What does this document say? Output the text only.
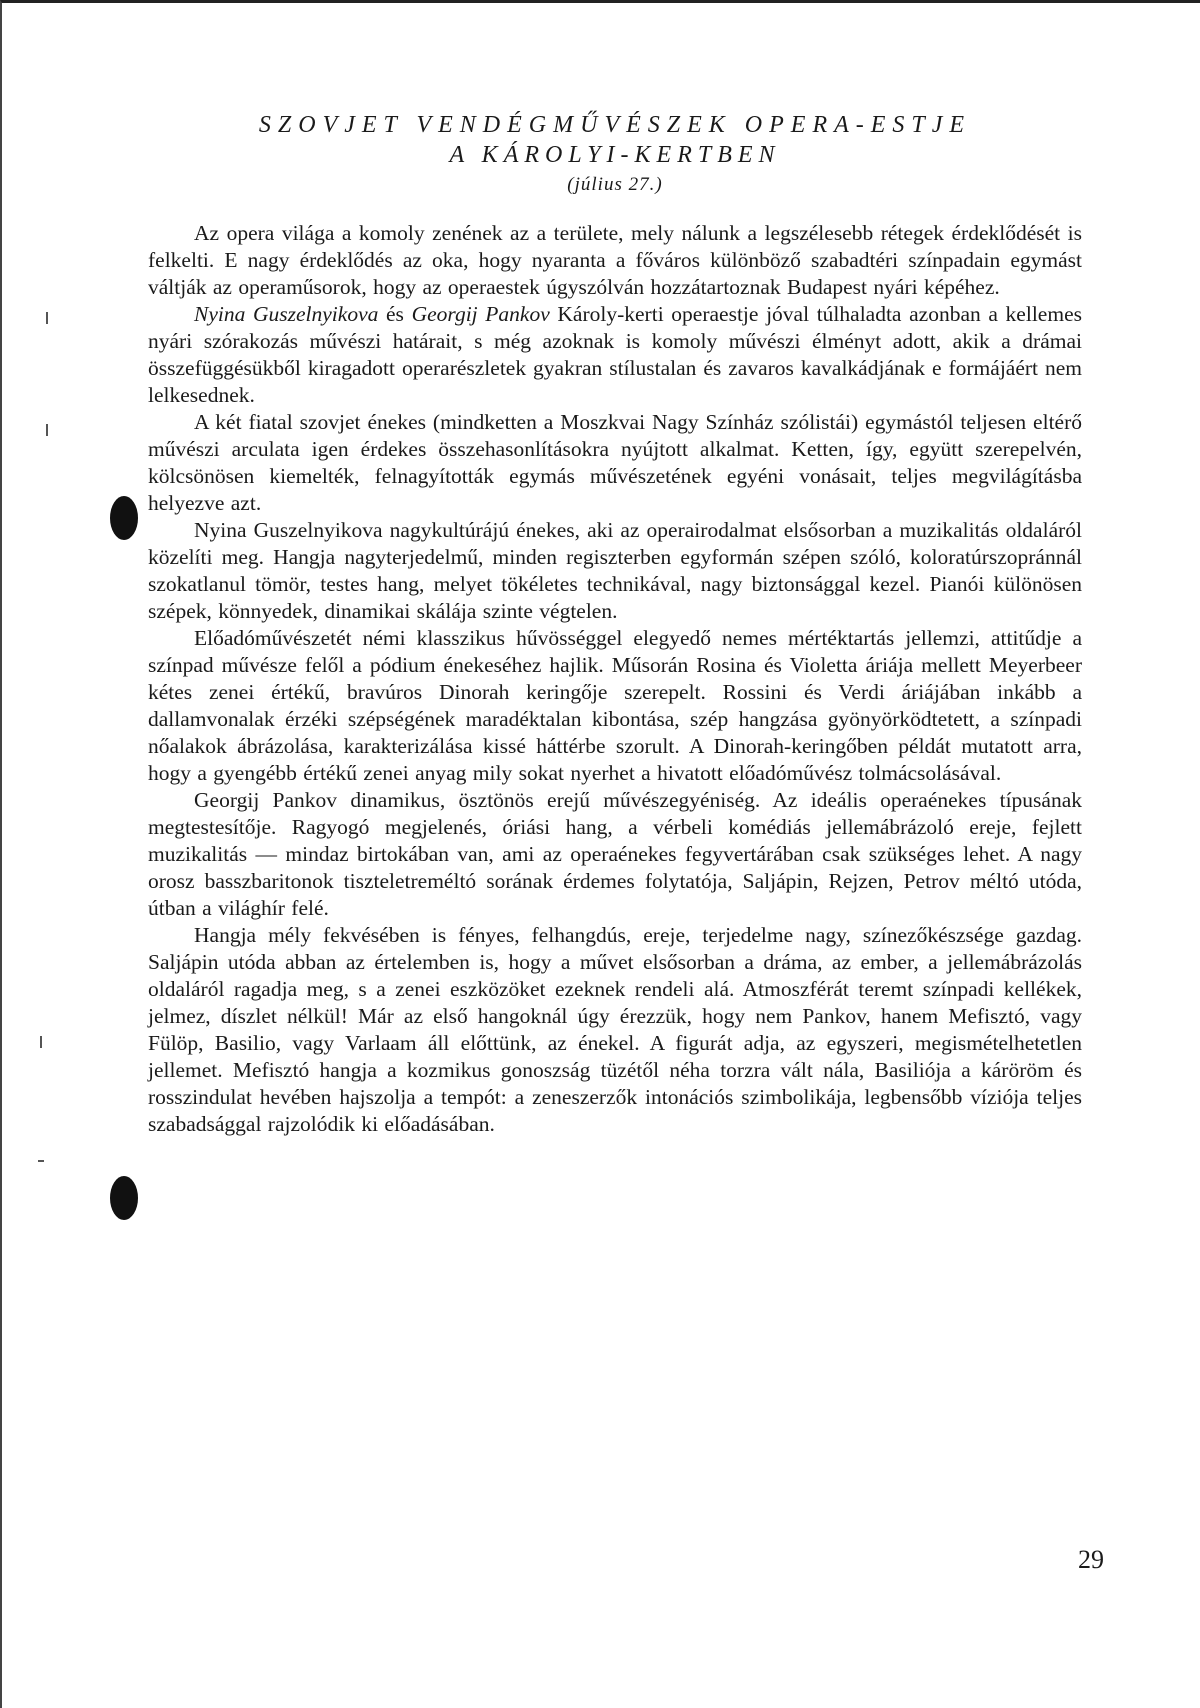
SZOVJET VENDÉGMŰVÉSZEK OPERA-ESTJE

A KÁROLYI-KERTBEN

(július 27.)

Az opera világa a komoly zenének az a területe, mely nálunk a legszélesebb rétegek érdeklődését is felkelti. E nagy érdeklődés az oka, hogy nyaranta a főváros különböző szabadtéri színpadain egymást váltják az operaműsorok, hogy az operaestek úgyszólván hozzátartoznak Budapest nyári képéhez.

Nyina Guszelnyikova és Georgij Pankov Károly-kerti operaestje jóval túlhaladta azonban a kellemes nyári szórakozás művészi határait, s még azoknak is komoly művészi élményt adott, akik a drámai összefüggésükből kiragadott operarészletek gyakran stílustalan és zavaros kavalkádjának e formájáért nem lelkesednek.

A két fiatal szovjet énekes (mindketten a Moszkvai Nagy Színház szólistái) egymástól teljesen eltérő művészi arculata igen érdekes összehasonlításokra nyújtott alkalmat. Ketten, így, együtt szerepelvén, kölcsönösen kiemelték, felnagyították egymás művészetének egyéni vonásait, teljes megvilágításba helyezve azt.

Nyina Guszelnyikova nagykultúrájú énekes, aki az operairodalmat elsősorban a muzikalitás oldaláról közelíti meg. Hangja nagyterjedelmű, minden regiszterben egyformán szépen szóló, koloratúrszopránnál szokatlanul tömör, testes hang, melyet tökéletes technikával, nagy biztonsággal kezel. Pianói különösen szépek, könnyedek, dinamikai skálája szinte végtelen.

Előadóművészetét némi klasszikus hűvösséggel elegyedő nemes mértéktartás jellemzi, attitűdje a színpad művésze felől a pódium énekeséhez hajlik. Műsorán Rosina és Violetta áriája mellett Meyerbeer kétes zenei értékű, bravúros Dinorah keringője szerepelt. Rossini és Verdi áriájában inkább a dallamvonalak érzéki szépségének maradéktalan kibontása, szép hangzása gyönyörködtetett, a színpadi nőalakok ábrázolása, karakterizálása kissé háttérbe szorult. A Dinorah-keringőben példát mutatott arra, hogy a gyengébb értékű zenei anyag mily sokat nyerhet a hivatott előadóművész tolmácsolásával.

Georgij Pankov dinamikus, ösztönös erejű művészegyéniség. Az ideális operaénekes típusának megtestesítője. Ragyogó megjelenés, óriási hang, a vérbeli komédiás jellemábrázoló ereje, fejlett muzikalitás — mindaz birtokában van, ami az operaénekes fegyvertárában csak szükséges lehet. A nagy orosz basszbaritonok tiszteletreméltó sorának érdemes folytatója, Saljápin, Rejzen, Petrov méltó utóda, útban a világhír felé.

Hangja mély fekvésében is fényes, felhangdús, ereje, terjedelme nagy, színezőkészsége gazdag. Saljápin utóda abban az értelemben is, hogy a művet elsősorban a dráma, az ember, a jellemábrázolás oldaláról ragadja meg, s a zenei eszközöket ezeknek rendeli alá. Atmoszférát teremt színpadi kellékek, jelmez, díszlet nélkül! Már az első hangoknál úgy érezzük, hogy nem Pankov, hanem Mefisztó, vagy Fülöp, Basilio, vagy Varlaam áll előttünk, az énekel. A figurát adja, az egyszeri, megismételhetetlen jellemet. Mefisztó hangja a kozmikus gonoszság tüzétől néha torzra vált nála, Basiliója a káröröm és rosszindulat hevében hajszolja a tempót: a zeneszerzők intonációs szimbolikája, legbensőbb víziója teljes szabadsággal rajzolódik ki előadásában.

29
